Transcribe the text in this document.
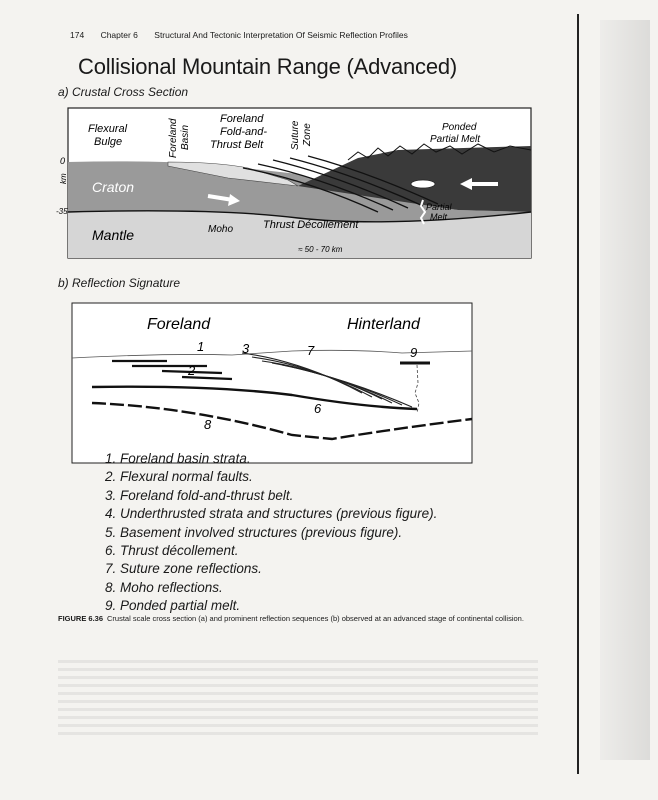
174 Chapter 6 Structural And Tectonic Interpretation Of Seismic Reflection Profiles
Collisional Mountain Range (Advanced)
a) Crustal Cross Section
Flexural
Bulge	Foreland Basin
Foreland
Fold-and-
Thrust Belt	Suture Zone	Ponded
Partial Melt
0
km
-35
Craton
Mantle	Moho	Thrust Décollement
Partial
Melt
≈ 50 - 70 km
b) Reflection Signature
Foreland	Hinterland
1
2
3
6
7
8
9
1. Foreland basin strata.
2. Flexural normal faults.
3. Foreland fold-and-thrust belt.
4. Underthrusted strata and structures (previous figure).
5. Basement involved structures (previous figure).
6. Thrust décollement.
7. Suture zone reflections.
8. Moho reflections.
9. Ponded partial melt.
FIGURE 6.36 Crustal scale cross section (a) and prominent reflection sequences (b) observed at an advanced stage of continental collision.
